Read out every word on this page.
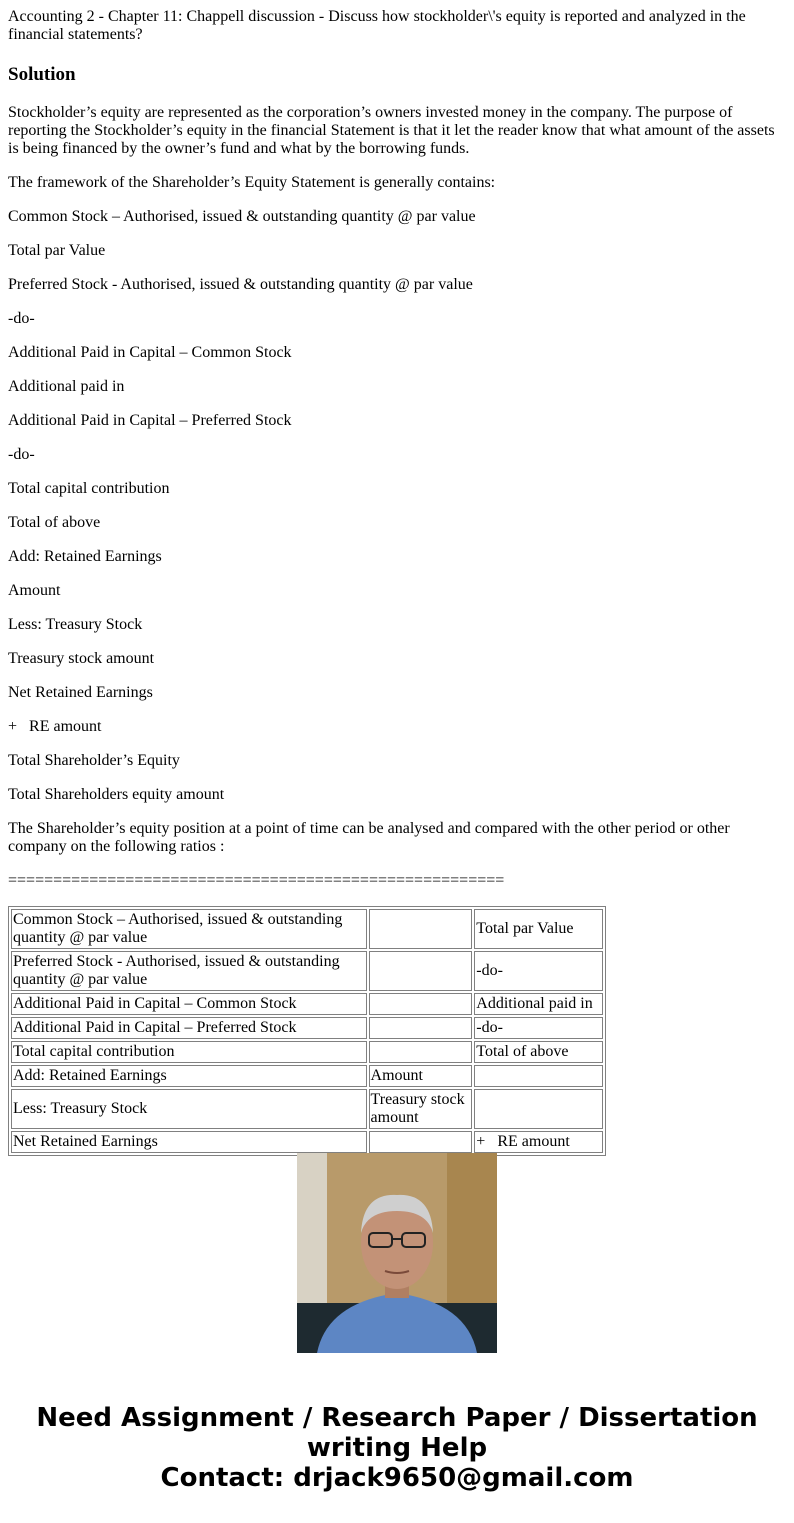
Accounting 2 - Chapter 11: Chappell discussion - Discuss how stockholder\'s equity is reported and analyzed in the financial statements?
Solution

Stockholder’s equity are represented as the corporation’s owners invested money in the company. The purpose of reporting the Stockholder’s equity in the financial Statement is that it let the reader know that what amount of the assets is being financed by the owner’s fund and what by the borrowing funds.

The framework of the Shareholder’s Equity Statement is generally contains:

Common Stock – Authorised, issued & outstanding quantity @ par value

Total par Value

Preferred Stock - Authorised, issued & outstanding quantity @ par value

-do-

Additional Paid in Capital – Common Stock

Additional paid in

Additional Paid in Capital – Preferred Stock

-do-

Total capital contribution

Total of above

Add: Retained Earnings

Amount

Less: Treasury Stock

Treasury stock amount

Net Retained Earnings

+   RE amount

Total Shareholder’s Equity

Total Shareholders equity amount

The Shareholder’s equity position at a point of time can be analysed and compared with the other period or other company on the following ratios :

=======================================================

Common Stock – Authorised, issued & outstanding quantity @ par value		Total par Value
Preferred Stock - Authorised, issued & outstanding quantity @ par value		-do-
Additional Paid in Capital – Common Stock		Additional paid in
Additional Paid in Capital – Preferred Stock		-do-
Total capital contribution		Total of above
Add: Retained Earnings	Amount	
Less: Treasury Stock	Treasury stock amount	
Net Retained Earnings		+   RE amount
Need Assignment / Research Paper / Dissertation writing Help
Contact: drjack9650@gmail.com
